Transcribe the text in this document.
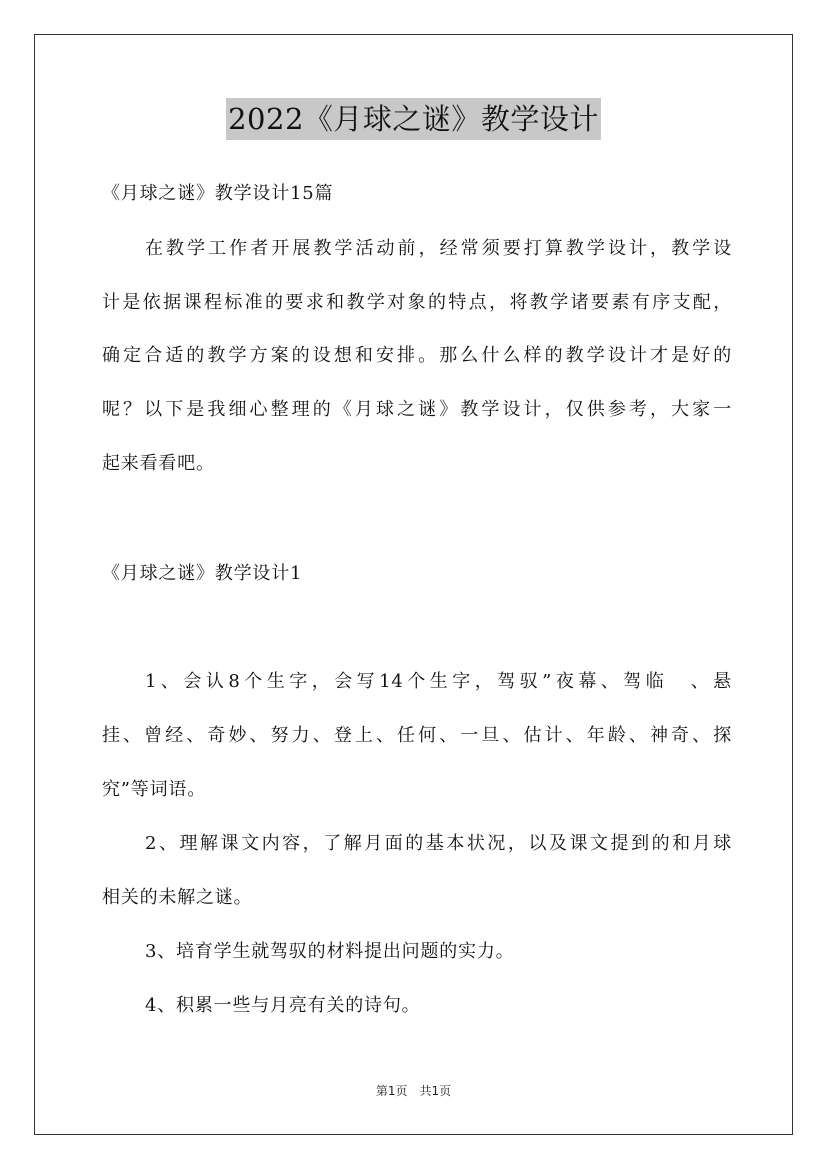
2022《月球之谜》教学设计
《月球之谜》教学设计15篇
在教学工作者开展教学活动前，经常须要打算教学设计，教学设
计是依据课程标准的要求和教学对象的特点，将教学诸要素有序支配，
确定合适的教学方案的设想和安排。那么什么样的教学设计才是好的
呢？以下是我细心整理的《月球之谜》教学设计，仅供参考，大家一
起来看看吧。
《月球之谜》教学设计1
1、会认8个生字，会写14个生字，驾驭”夜幕、驾临　、悬
挂、曾经、奇妙、努力、登上、任何、一旦、估计、年龄、神奇、探
究”等词语。
2、理解课文内容，了解月面的基本状况，以及课文提到的和月球
相关的未解之谜。
3、培育学生就驾驭的材料提出问题的实力。
4、积累一些与月亮有关的诗句。
第1页　共1页
